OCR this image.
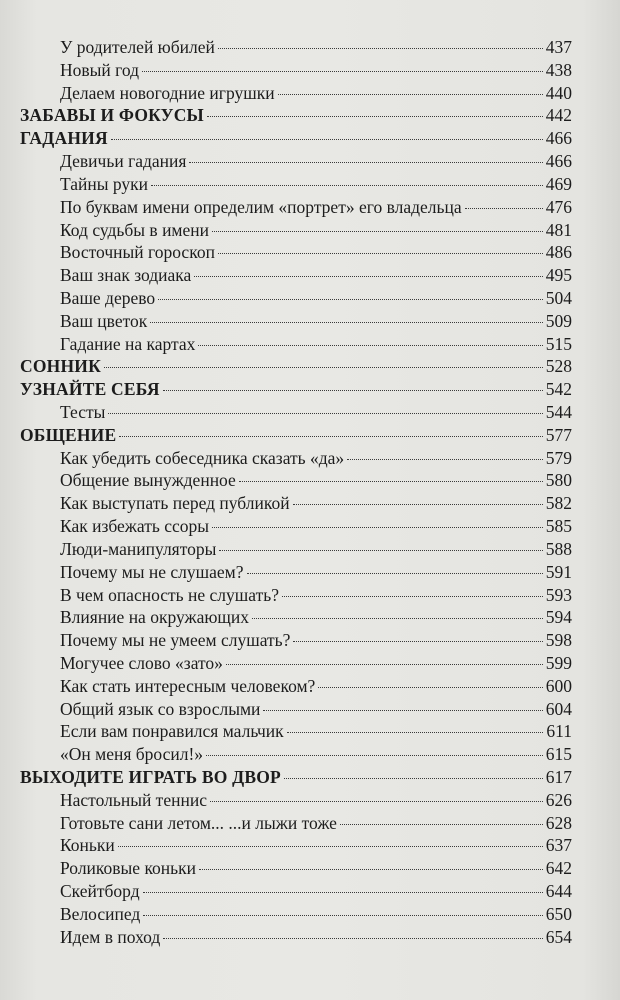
У родителей юбилей	437
Новый год	438
Делаем новогодние игрушки	440
ЗАБАВЫ И ФОКУСЫ	442
ГАДАНИЯ	466
Девичьи гадания	466
Тайны руки	469
По буквам имени определим «портрет» его владельца	476
Код судьбы в имени	481
Восточный гороскоп	486
Ваш знак зодиака	495
Ваше дерево	504
Ваш цветок	509
Гадание на картах	515
СОННИК	528
УЗНАЙТЕ СЕБЯ	542
Тесты	544
ОБЩЕНИЕ	577
Как убедить собеседника сказать «да»	579
Общение вынужденное	580
Как выступать перед публикой	582
Как избежать ссоры	585
Люди-манипуляторы	588
Почему мы не слушаем?	591
В чем опасность не слушать?	593
Влияние на окружающих	594
Почему мы не умеем слушать?	598
Могучее слово «зато»	599
Как стать интересным человеком?	600
Общий язык со взрослыми	604
Если вам понравился мальчик	611
«Он меня бросил!»	615
ВЫХОДИТЕ ИГРАТЬ ВО ДВОР	617
Настольный теннис	626
Готовьте сани летом... ...и лыжи тоже	628
Коньки	637
Роликовые коньки	642
Скейтборд	644
Велосипед	650
Идем в поход	654
